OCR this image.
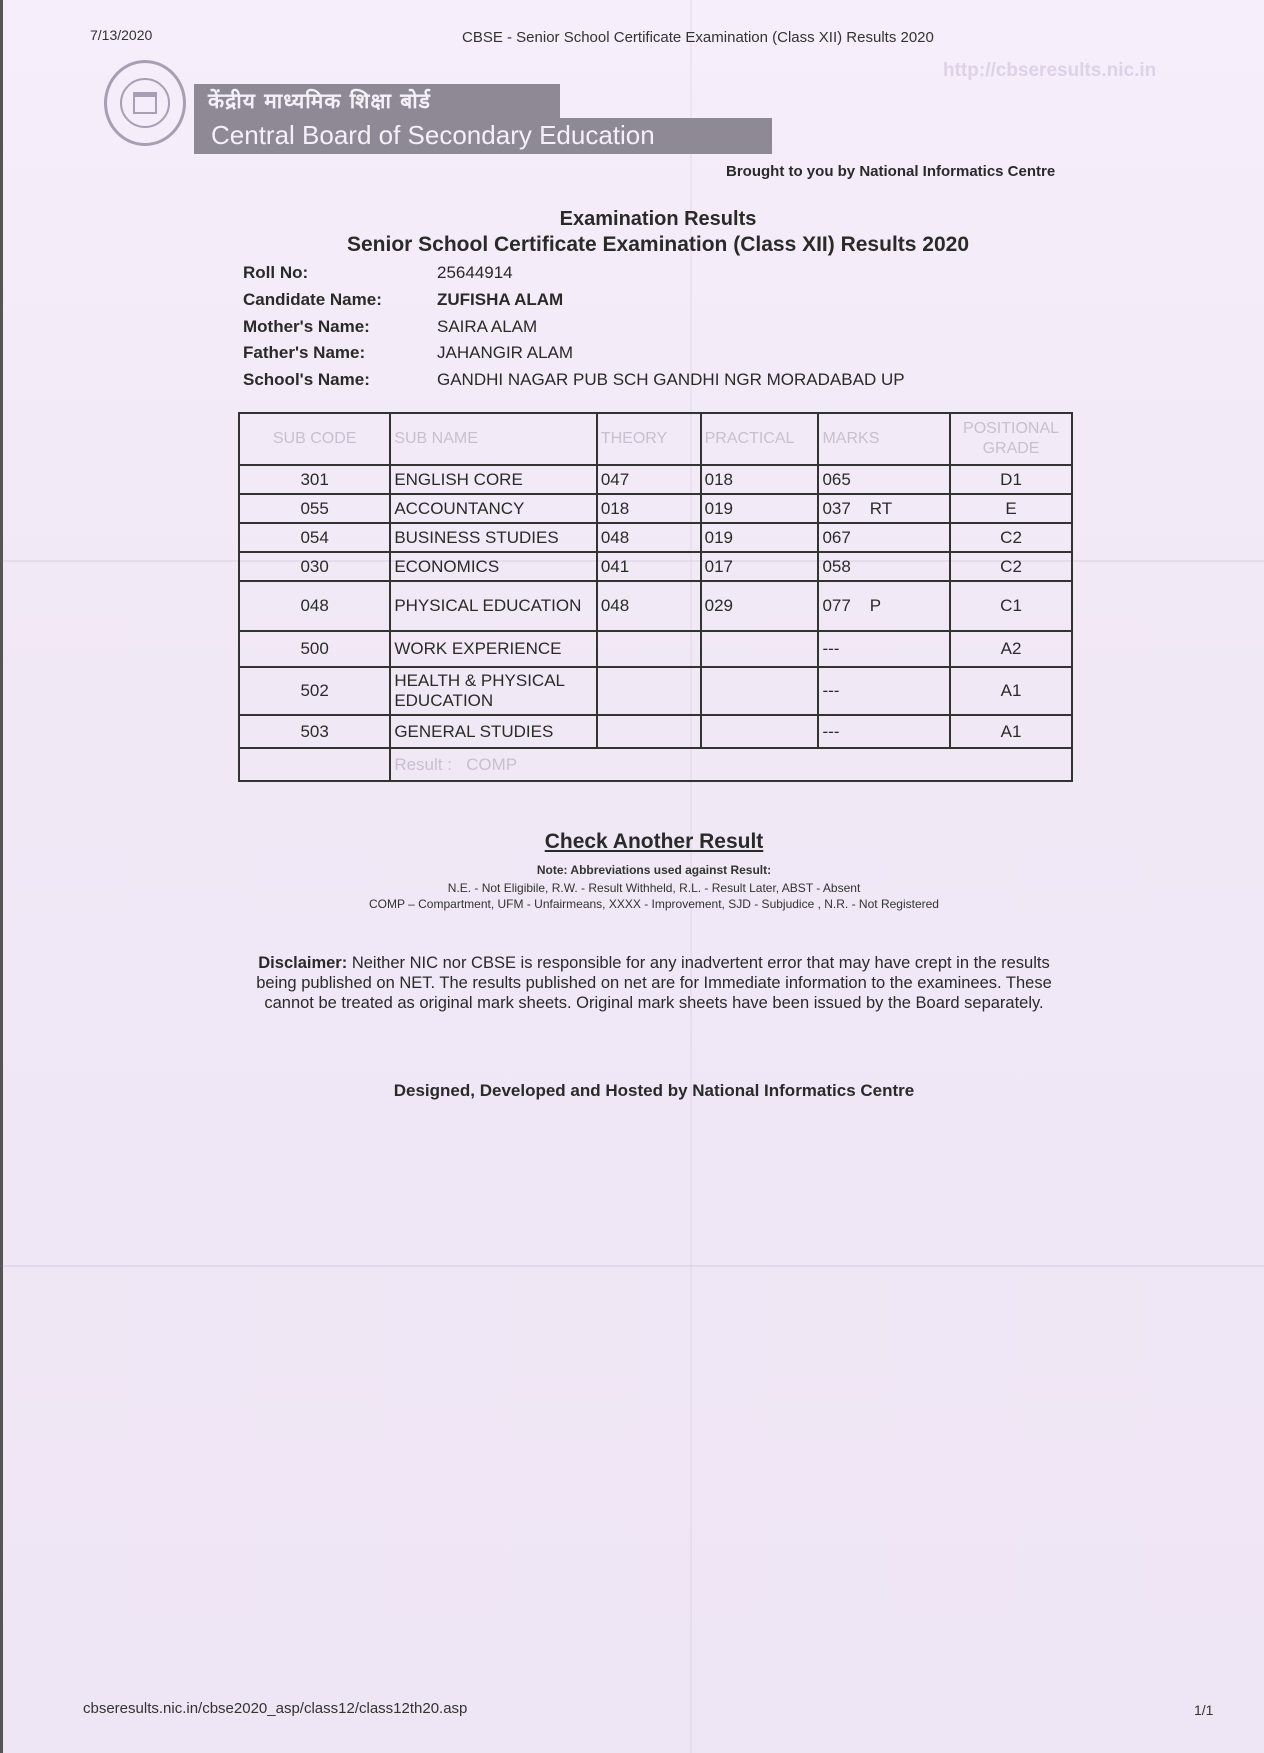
7/13/2020	CBSE - Senior School Certificate Examination (Class XII) Results 2020
http://cbseresults.nic.in
केंद्रीय माध्यमिक शिक्षा बोर्ड
Central Board of Secondary Education
Brought to you by National Informatics Centre
Examination Results
Senior School Certificate Examination (Class XII) Results 2020
Roll No:	25644914
Candidate Name:	ZUFISHA ALAM
Mother's Name:	SAIRA ALAM
Father's Name:	JAHANGIR ALAM
School's Name:	GANDHI NAGAR PUB SCH GANDHI NGR MORADABAD UP
SUB CODE	SUB NAME	THEORY	PRACTICAL	MARKS	POSITIONAL GRADE
301	ENGLISH CORE	047	018	065	D1
055	ACCOUNTANCY	018	019	037    RT	E
054	BUSINESS STUDIES	048	019	067	C2
030	ECONOMICS	041	017	058	C2
048	PHYSICAL EDUCATION	048	029	077    P	C1
500	WORK EXPERIENCE			---	A2
502	HEALTH & PHYSICAL EDUCATION			---	A1
503	GENERAL STUDIES			---	A1
	Result :   COMP				
Check Another Result
Note: Abbreviations used against Result:
N.E. - Not Eligibile, R.W. - Result Withheld, R.L. - Result Later, ABST - Absent
COMP – Compartment, UFM - Unfairmeans, XXXX - Improvement, SJD - Subjudice , N.R. - Not Registered
Disclaimer: Neither NIC nor CBSE is responsible for any inadvertent error that may have crept in the results being published on NET. The results published on net are for Immediate information to the examinees. These cannot be treated as original mark sheets. Original mark sheets have been issued by the Board separately.
Designed, Developed and Hosted by National Informatics Centre
cbseresults.nic.in/cbse2020_asp/class12/class12th20.asp	1/1
